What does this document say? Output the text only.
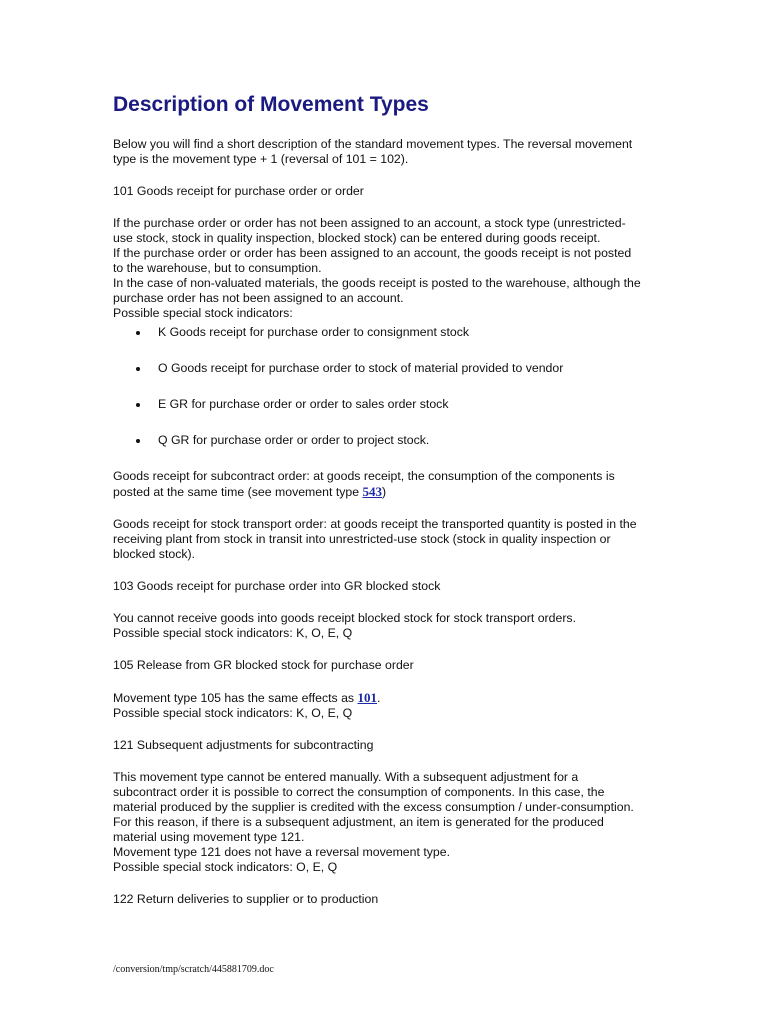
Description of Movement Types

Below you will find a short description of the standard movement types. The reversal movement
type is the movement type + 1 (reversal of 101 = 102).

101 Goods receipt for purchase order or order

If the purchase order or order has not been assigned to an account, a stock type (unrestricted-
use stock, stock in quality inspection, blocked stock) can be entered during goods receipt.
If the purchase order or order has been assigned to an account, the goods receipt is not posted
to the warehouse, but to consumption.
In the case of non-valuated materials, the goods receipt is posted to the warehouse, although the
purchase order has not been assigned to an account.
Possible special stock indicators:

K Goods receipt for purchase order to consignment stock
O Goods receipt for purchase order to stock of material provided to vendor
E GR for purchase order or order to sales order stock
Q GR for purchase order or order to project stock.

Goods receipt for subcontract order: at goods receipt, the consumption of the components is
posted at the same time (see movement type 543)

Goods receipt for stock transport order: at goods receipt the transported quantity is posted in the
receiving plant from stock in transit into unrestricted-use stock (stock in quality inspection or
blocked stock).

103 Goods receipt for purchase order into GR blocked stock

You cannot receive goods into goods receipt blocked stock for stock transport orders.
Possible special stock indicators: K, O, E, Q

105 Release from GR blocked stock for purchase order

Movement type 105 has the same effects as 101.
Possible special stock indicators: K, O, E, Q

121 Subsequent adjustments for subcontracting

This movement type cannot be entered manually. With a subsequent adjustment for a
subcontract order it is possible to correct the consumption of components. In this case, the
material produced by the supplier is credited with the excess consumption / under-consumption.
For this reason, if there is a subsequent adjustment, an item is generated for the produced
material using movement type 121.
Movement type 121 does not have a reversal movement type.
Possible special stock indicators: O, E, Q

122 Return deliveries to supplier or to production

/conversion/tmp/scratch/445881709.doc
